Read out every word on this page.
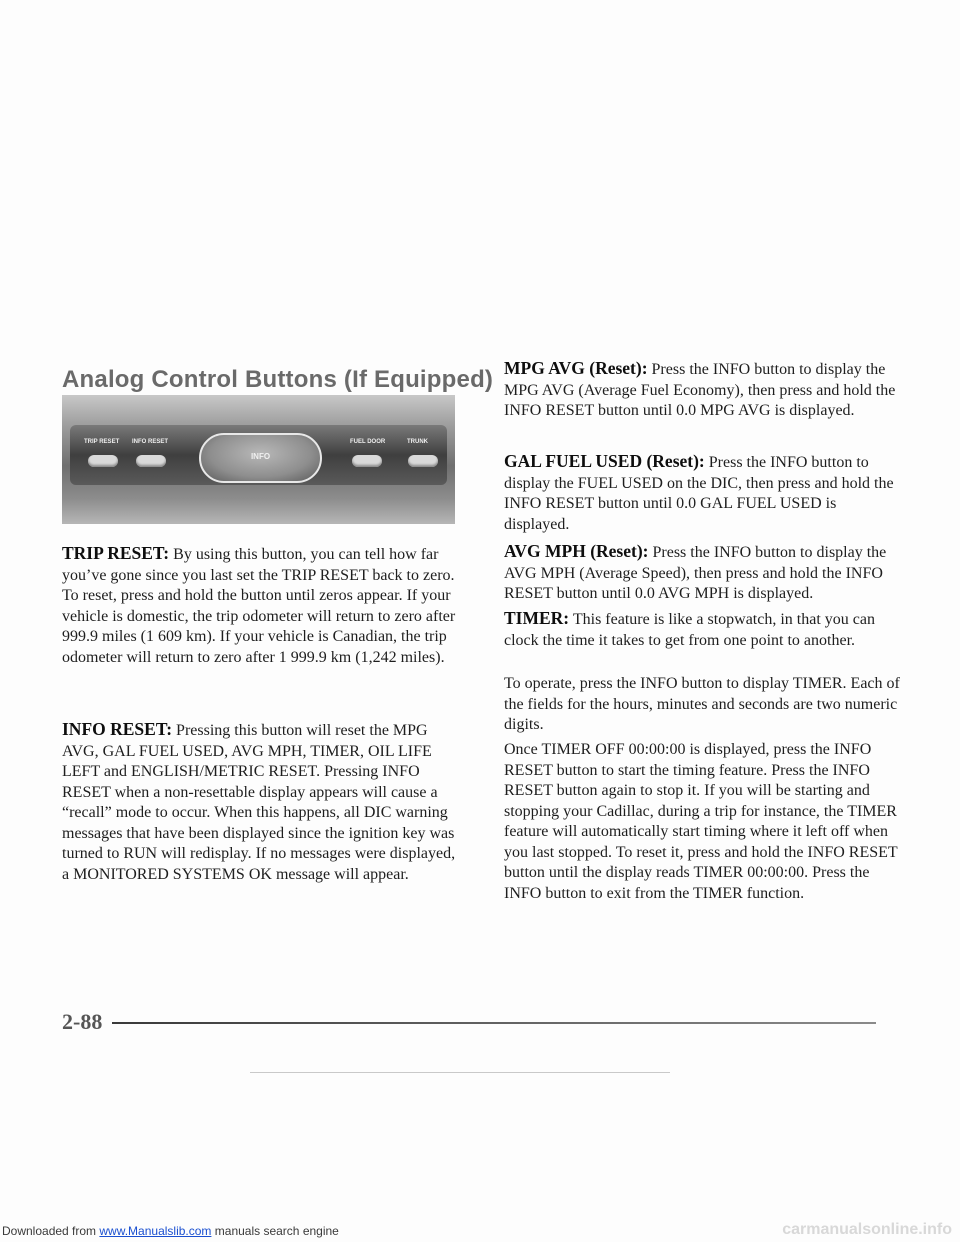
Analog Control Buttons (If Equipped)
TRIP RESET INFO RESET	FUEL DOOR	TRUNK
INFO

TRIP RESET: By using this button, you can tell how far you’ve gone since you last set the TRIP RESET back to zero. To reset, press and hold the button until zeros appear. If your vehicle is domestic, the trip odometer will return to zero after 999.9 miles (1 609 km). If your vehicle is Canadian, the trip odometer will return to zero after 1 999.9 km (1,242 miles).

INFO RESET: Pressing this button will reset the MPG AVG, GAL FUEL USED, AVG MPH, TIMER, OIL LIFE LEFT and ENGLISH/METRIC RESET. Pressing INFO RESET when a non-resettable display appears will cause a “recall” mode to occur. When this happens, all DIC warning messages that have been displayed since the ignition key was turned to RUN will redisplay. If no messages were displayed, a MONITORED SYSTEMS OK message will appear.

MPG AVG (Reset): Press the INFO button to display the MPG AVG (Average Fuel Economy), then press and hold the INFO RESET button until 0.0 MPG AVG is displayed.

GAL FUEL USED (Reset): Press the INFO button to display the FUEL USED on the DIC, then press and hold the INFO RESET button until 0.0 GAL FUEL USED is displayed.

AVG MPH (Reset): Press the INFO button to display the AVG MPH (Average Speed), then press and hold the INFO RESET button until 0.0 AVG MPH is displayed.

TIMER: This feature is like a stopwatch, in that you can clock the time it takes to get from one point to another.

To operate, press the INFO button to display TIMER. Each of the fields for the hours, minutes and seconds are two numeric digits.

Once TIMER OFF 00:00:00 is displayed, press the INFO RESET button to start the timing feature. Press the INFO RESET button again to stop it. If you will be starting and stopping your Cadillac, during a trip for instance, the TIMER feature will automatically start timing where it left off when you last stopped. To reset it, press and hold the INFO RESET button until the display reads TIMER 00:00:00. Press the INFO button to exit from the TIMER function.

2-88
Downloaded from www.Manualslib.com manuals search engine	carmanualsonline.info
